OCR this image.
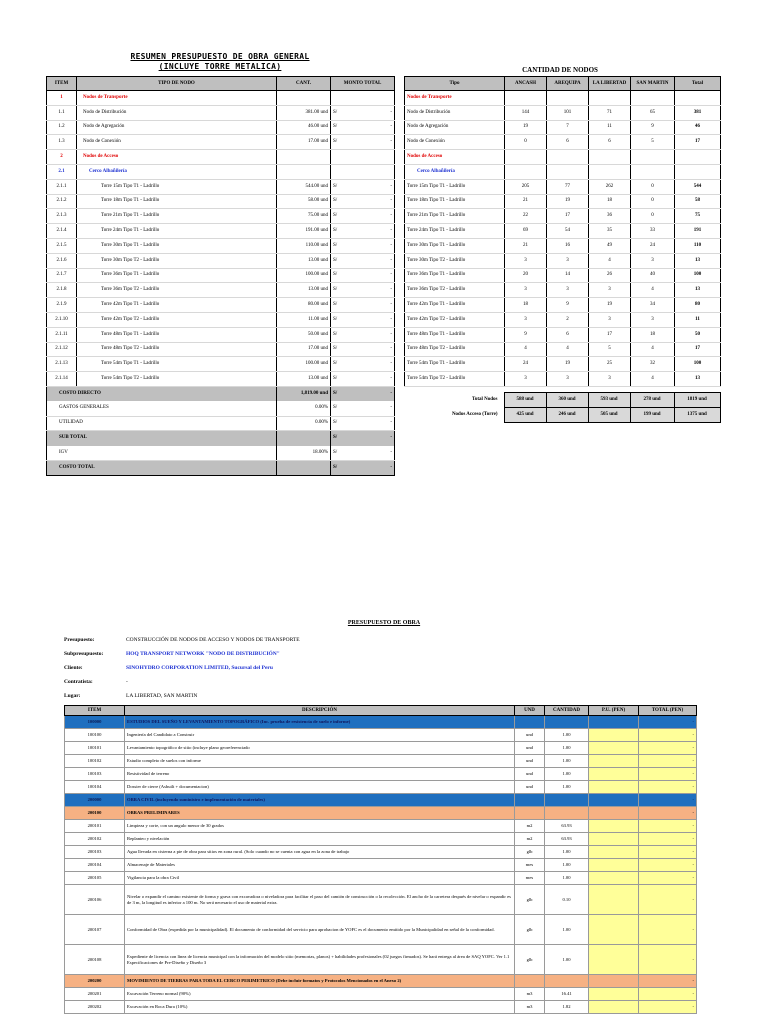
RESUMEN PRESUPUESTO DE OBRA GENERAL
(INCLUYE TORRE METALICA)	CANTIDAD DE NODOS
ITEM	TIPO DE NODO	CANT.	MONTO TOTAL	
1	Nodos de Transporte			
1.1	Nodo de Distribución	381.00 und	S/	-
1.2	Nodo de Agregación	46.00 und	S/	-
1.3	Nodo de Conexión	17.00 und	S/	-
2	Nodos de Acceso			
2.1	Cerco Albañilería			
2.1.1	Torre 15m Tipo T1 - Ladrillo	544.00 und	S/	-
2.1.2	Torre 18m Tipo T1 - Ladrillo	58.00 und	S/	-
2.1.3	Torre 21m Tipo T1 - Ladrillo	75.00 und	S/	-
2.1.4	Torre 24m Tipo T1 - Ladrillo	191.00 und	S/	-
2.1.5	Torre 30m Tipo T1 - Ladrillo	110.00 und	S/	-
2.1.6	Torre 30m Tipo T2 - Ladrillo	13.00 und	S/	-
2.1.7	Torre 36m Tipo T1 - Ladrillo	100.00 und	S/	-
2.1.8	Torre 36m Tipo T2 - Ladrillo	13.00 und	S/	-
2.1.9	Torre 42m Tipo T1 - Ladrillo	80.00 und	S/	-
2.1.10	Torre 42m Tipo T2 - Ladrillo	11.00 und	S/	-
2.1.11	Torre 48m Tipo T1 - Ladrillo	50.00 und	S/	-
2.1.12	Torre 48m Tipo T2 - Ladrillo	17.00 und	S/	-
2.1.13	Torre 54m Tipo T1 - Ladrillo	100.00 und	S/	-
2.1.14	Torre 54m Tipo T2 - Ladrillo	13.00 und	S/	-
COSTO DIRECTO		1,819.00 und	S/	-
GASTOS GENERALES		0.00%	S/	-
UTILIDAD		0.00%	S/	-
SUB TOTAL			S/	-
IGV		18.00%	S/	-
COSTO TOTAL			S/	-
Tipo	ANCASH	AREQUIPA	LA LIBERTAD	SAN MARTIN	Total
Nodos de Transporte					
Nodo de Distribución	144	101	71	65	381
Nodo de Agregación	19	7	11	9	46
Nodo de Conexión	0	6	6	5	17
Nodos de Acceso					
Cerco Albañilería					
Torre 15m Tipo T1 - Ladrillo	205	77	262	0	544
Torre 18m Tipo T1 - Ladrillo	21	19	18	0	58
Torre 21m Tipo T1 - Ladrillo	22	17	36	0	75
Torre 24m Tipo T1 - Ladrillo	69	54	35	33	191
Torre 30m Tipo T1 - Ladrillo	21	16	49	24	110
Torre 30m Tipo T2 - Ladrillo	3	3	4	3	13
Torre 36m Tipo T1 - Ladrillo	20	14	26	40	100
Torre 36m Tipo T2 - Ladrillo	3	3	3	4	13
Torre 42m Tipo T1 - Ladrillo	18	9	19	34	80
Torre 42m Tipo T2 - Ladrillo	3	2	3	3	11
Torre 48m Tipo T1 - Ladrillo	9	6	17	18	50
Torre 48m Tipo T2 - Ladrillo	4	4	5	4	17
Torre 54m Tipo T1 - Ladrillo	24	19	25	32	100
Torre 54m Tipo T2 - Ladrillo	3	3	3	4	13
Total Nodos	588 und	360 und	593 und	278 und	1819 und
Nodos Acceso (Torre)	425 und	246 und	505 und	199 und	1375 und
PRESUPUESTO DE OBRA
Presupuesto:	CONSTRUCCIÓN DE NODOS DE ACCESO Y NODOS DE TRANSPORTE
Subpresupuesto:	HOQ TRANSPORT NETWORK "NODO DE DISTRIBUCIÓN"
Cliente:	SINOHYDRO CORPORATION LIMITED, Sucursal del Peru
Contratista:	-
Lugar:	LA LIBERTAD, SAN MARTIN
ITEM	DESCRIPCIÓN	UND	CANTIDAD	P.U. (PEN)	TOTAL (PEN)
100000	ESTUDIOS DEL SUEÑO Y LEVANTAMIENTO TOPOGRÁFICO (Inc. prueba de resistencia de suelo e informe)				-
100100	Ingeniería del Candidato a Construir	und	1.00		-
100101	Levantamiento topográfico de sitio (incluye plano georeferenciado	und	1.00		-
100102	Estudio completo de suelos con informe	und	1.00		-
100103	Resistividad de terreno	und	1.00		-
100104	Dossier de cierre (Asbuilt + documentacion)	und	1.00		-
200000	OBRA CIVIL (incluyendo suministro e implementación de materiales)				-
200100	OBRAS PRELIMINARES				-
200101	Limpieza y corte, con un angulo menor de 30 grados	m2	63.93		-
200102	Replanteo y nivelación	m2	63.93		-
200103	Agua llevada en cisterna a pie de obra para sitios en zona rural. (Solo cuando no se cuenta con agua en la zona de trabajo	glb	1.00		-
200104	Almacenaje de Materiales	mes	1.00		-
200105	Vigilancia para la obra Civil	mes	1.00		-
200106	Nivelar o expandir el camino existente de forma y grava con excavadora o niveladora para facilitar el paso del camión de construcción o la recolección. El ancho de la carretera después de nivelar o expandir es de 3 m, la longitud es inferior a 100 m. No será necesario el uso de material extra.	glb	0.10		-
200107	Conformidad de Obra (expedida por la municipalidad). El documento de conformidad del servicio para aprobacion de YOFC es el documento emitido por la Municipalidad en señal de la conformidad.	glb	1.00		-
200108	Expediente de licencia con línea de licencia municipal con la información del modelo sitio (memorias, planos) + habilidades profesionales (02 juegos firmados). Se hará entrega al área de SAQ YOFC. Ver 1.1 Especificaciones de Pre-Diseño y Diseño 3	glb	1.00		-
200200	MOVIMIENTO DE TIERRAS PARA TODA EL CERCO PERIMETRICO (Debe incluir formatos y Protocolos Mencionados en el Anexo 2)				-
200201	Excavación Terreno normal (90%)	m3	16.41		-
200202	Excavación en Roca Dura (10%)	m3	1.82		-
